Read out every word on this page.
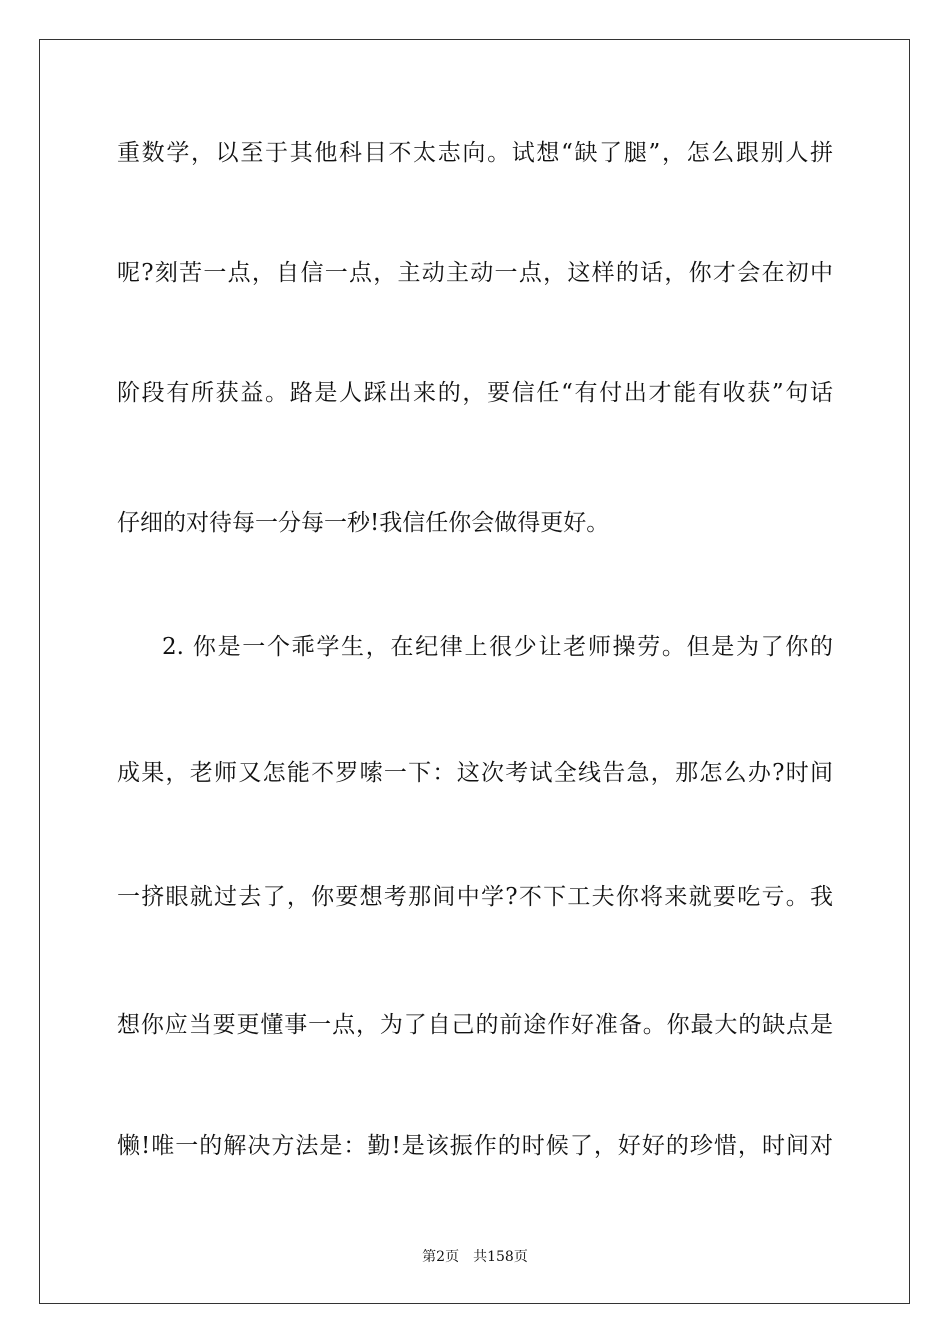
重数学，以至于其他科目不太志向。试想“缺了腿”，怎么跟别人拼
呢?刻苦一点，自信一点，主动主动一点，这样的话，你才会在初中
阶段有所获益。路是人踩出来的，要信任“有付出才能有收获”句话
仔细的对待每一分每一秒!我信任你会做得更好。
2. 你是一个乖学生，在纪律上很少让老师操劳。但是为了你的
成果，老师又怎能不罗嗦一下：这次考试全线告急，那怎么办?时间
一挤眼就过去了，你要想考那间中学?不下工夫你将来就要吃亏。我
想你应当要更懂事一点，为了自己的前途作好准备。你最大的缺点是
懒!唯一的解决方法是：勤!是该振作的时候了，好好的珍惜，时间对
第2页 共158页
